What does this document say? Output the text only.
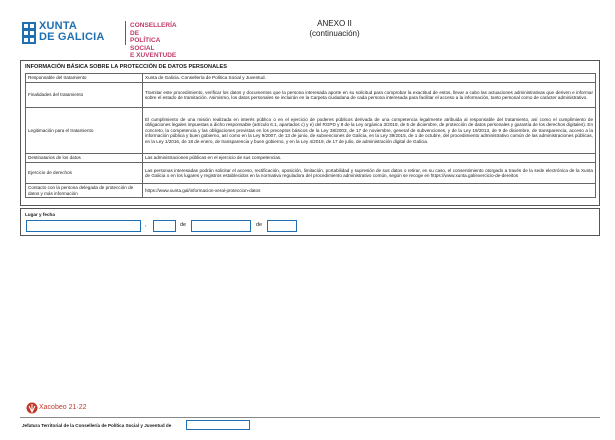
XUNTA
DE GALICIA
CONSELLERÍA DE
POLÍTICA SOCIAL
E XUVENTUDE
ANEXO II
(continuación)
INFORMACIÓN BÁSICA SOBRE LA PROTECCIÓN DE DATOS PERSONALES
Responsable del tratamiento	Xunta de Galicia. Consellería de Política Social y Juventud.
Finalidades del tratamiento	Tramitar este procedimiento, verificar los datos y documentos que la persona interesada aporte en su solicitud para comprobar la exactitud de estos, llevar a cabo las actuaciones administrativas que deriven e informar sobre el estado de tramitación. Asimismo, los datos personales se incluirán en la Carpeta ciudadana de cada persona interesada para facilitar el acceso a la información, tanto personal como de carácter administrativo.
Legitimación para el tratamiento	El cumplimiento de una misión realizada en interés público o en el ejercicio de poderes públicos derivada de una competencia legalmente atribuida al responsable del tratamiento, así como el cumplimiento de obligaciones legales impuestas a dicho responsable (artículo 6.1, apartados c) y e) del RGPD y 8 de la Ley orgánica 3/2018, de 5 de diciembre, de protección de datos personales y garantía de los derechos digitales). En concreto, la competencia y las obligaciones previstas en los preceptos básicos de la Ley 38/2003, de 17 de noviembre, general de subvenciones, y de la Ley 19/2013, de 9 de diciembre, de transparencia, acceso a la información pública y buen gobierno, así como en la Ley 9/2007, de 13 de junio, de subvenciones de Galicia, en la Ley 39/2015, de 1 de octubre, del procedimiento administrativo común de las administraciones públicas, en la Ley 1/2016, de 18 de enero, de transparencia y buen gobierno, y en la Ley 4/2019, de 17 de julio, de administración digital de Galicia.
Destinatarios de los datos	Las administraciones públicas en el ejercicio de sus competencias.
Ejercicio de derechos	Las personas interesadas podrán solicitar el acceso, rectificación, oposición, limitación, portabilidad y supresión de sus datos o retirar, en su caso, el consentimiento otorgado a través de la sede electrónica de la Xunta de Galicia o en los lugares y registros establecidos en la normativa reguladora del procedimiento administrativo común, según se recoge en https://www.xunta.gal/exercicio-de-dereitos
Contacto con la persona delegada de protección de datos y más información	https://www.xunta.gal/informacion-xeral-proteccion-datos
Lugar y fecha
,	de	de
Xacobeo 21·22
Jefatura Territorial de la Consellería de Política Social y Juventud de
